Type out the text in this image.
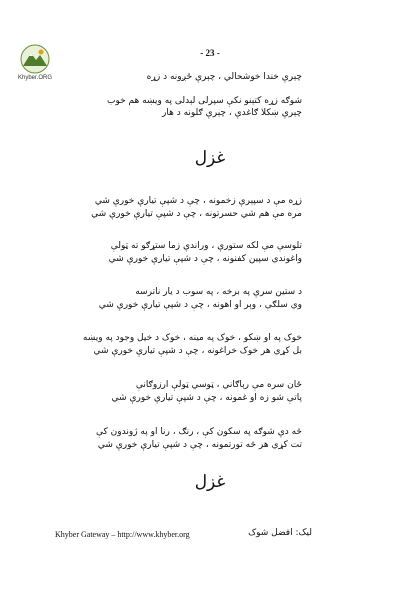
Khyber.ORG
- 23 -
چېرې خندا خوشحالي ، چېرې ځږونه د زړه
شوګه زړه کتېنو نکې سپرلی لېدلی په ویښه هم خوب
چېرې ښکلا ګاغدې ، چېرې ګلونه د هار
غزل
زړه مې د سپېرې زخمونه ، چې د شپې تیارې خورې شي
مره مې هم شي حسرتونه ، چې د شپې تیارې خورې شي
تلوسې مې لکه ستورې ، وراندې زما ستړګو ته ټولې
واغوندي سپين کفنونه ، چې د شپې تیارې خورې شي
د ستين سرې په برخه ، په سوب د يار ناترسه
وي سلګې ، وېر او آهونه ، چې د شپې تیارې خورې شي
خوک په او ښکو ، خوک په مینه ، خوک د خیل وجود په ویښه
بل کړي هر خوک خراغونه ، چې د شپې تیارې خورې شي
ځان سره مې رېاګاني ، ټوسي ټولې آرزوګانې
پاتې شو زه او غمونه ، چې د شپې تیارې خورې شي
څه دې شوګه په سکون کې ، رنګ ، رنا او په ژوندون کې
تت کړي هر څه تورتمونه ، چې د شپې تیارې خورې شي
غزل
Khyber Gateway – http://www.khyber.org	ليک: افضل شوک
